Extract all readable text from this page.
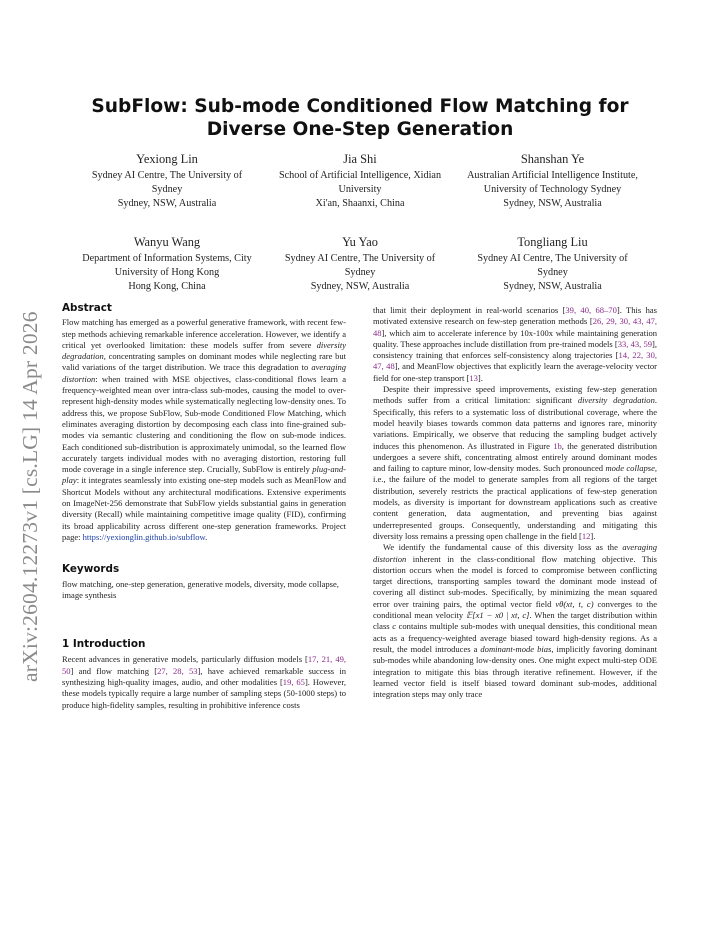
arXiv:2604.12273v1 [cs.LG] 14 Apr 2026
SubFlow: Sub-mode Conditioned Flow Matching for Diverse One-Step Generation
Yexiong Lin
Sydney AI Centre, The University of Sydney
Sydney, NSW, Australia
Jia Shi
School of Artificial Intelligence, Xidian University
Xi'an, Shaanxi, China
Shanshan Ye
Australian Artificial Intelligence Institute, University of Technology Sydney
Sydney, NSW, Australia
Wanyu Wang
Department of Information Systems, City University of Hong Kong
Hong Kong, China
Yu Yao
Sydney AI Centre, The University of Sydney
Sydney, NSW, Australia
Tongliang Liu
Sydney AI Centre, The University of Sydney
Sydney, NSW, Australia
Abstract

Flow matching has emerged as a powerful generative framework, with recent few-step methods achieving remarkable inference acceleration. However, we identify a critical yet overlooked limitation: these models suffer from severe diversity degradation, concentrating samples on dominant modes while neglecting rare but valid variations of the target distribution. We trace this degradation to averaging distortion: when trained with MSE objectives, class-conditional flows learn a frequency-weighted mean over intra-class sub-modes, causing the model to over-represent high-density modes while systematically neglecting low-density ones. To address this, we propose SubFlow, Sub-mode Conditioned Flow Matching, which eliminates averaging distortion by decomposing each class into fine-grained sub-modes via semantic clustering and conditioning the flow on sub-mode indices. Each conditioned sub-distribution is approximately unimodal, so the learned flow accurately targets individual modes with no averaging distortion, restoring full mode coverage in a single inference step. Crucially, SubFlow is entirely plug-and-play: it integrates seamlessly into existing one-step models such as MeanFlow and Shortcut Models without any architectural modifications. Extensive experiments on ImageNet-256 demonstrate that SubFlow yields substantial gains in generation diversity (Recall) while maintaining competitive image quality (FID), confirming its broad applicability across different one-step generation frameworks. Project page: https://yexionglin.github.io/subflow.

Keywords

flow matching, one-step generation, generative models, diversity, mode collapse, image synthesis

1 Introduction

Recent advances in generative models, particularly diffusion models [17, 21, 49, 50] and flow matching [27, 28, 53], have achieved remarkable success in synthesizing high-quality images, audio, and other modalities [19, 65]. However, these models typically require a large number of sampling steps (50-1000 steps) to produce high-fidelity samples, resulting in prohibitive inference costs

that limit their deployment in real-world scenarios [39, 40, 68–70]. This has motivated extensive research on few-step generation methods [26, 29, 30, 43, 47, 48], which aim to accelerate inference by 10x-100x while maintaining generation quality. These approaches include distillation from pre-trained models [33, 43, 59], consistency training that enforces self-consistency along trajectories [14, 22, 30, 47, 48], and MeanFlow objectives that explicitly learn the average-velocity vector field for one-step transport [13].

Despite their impressive speed improvements, existing few-step generation methods suffer from a critical limitation: significant diversity degradation. Specifically, this refers to a systematic loss of distributional coverage, where the model heavily biases towards common data patterns and ignores rare, minority variations. Empirically, we observe that reducing the sampling budget actively induces this phenomenon. As illustrated in Figure 1b, the generated distribution undergoes a severe shift, concentrating almost entirely around dominant modes and failing to capture minor, low-density modes. Such pronounced mode collapse, i.e., the failure of the model to generate samples from all regions of the target distribution, severely restricts the practical applications of few-step generation models, as diversity is important for downstream applications such as creative content generation, data augmentation, and preventing bias against underrepresented groups. Consequently, understanding and mitigating this diversity loss remains a pressing open challenge in the field [12].

We identify the fundamental cause of this diversity loss as the averaging distortion inherent in the class-conditional flow matching objective. This distortion occurs when the model is forced to compromise between conflicting target directions, transporting samples toward the dominant mode instead of covering all distinct sub-modes. Specifically, by minimizing the mean squared error over training pairs, the optimal vector field vθ(xt, t, c) converges to the conditional mean velocity 𝔼[x1 − x0 | xt, c]. When the target distribution within class c contains multiple sub-modes with unequal densities, this conditional mean acts as a frequency-weighted average biased toward high-density regions. As a result, the model introduces a dominant-mode bias, implicitly favoring dominant sub-modes while abandoning low-density ones. One might expect multi-step ODE integration to mitigate this bias through iterative refinement. However, if the learned vector field is itself biased toward dominant sub-modes, additional integration steps may only trace
